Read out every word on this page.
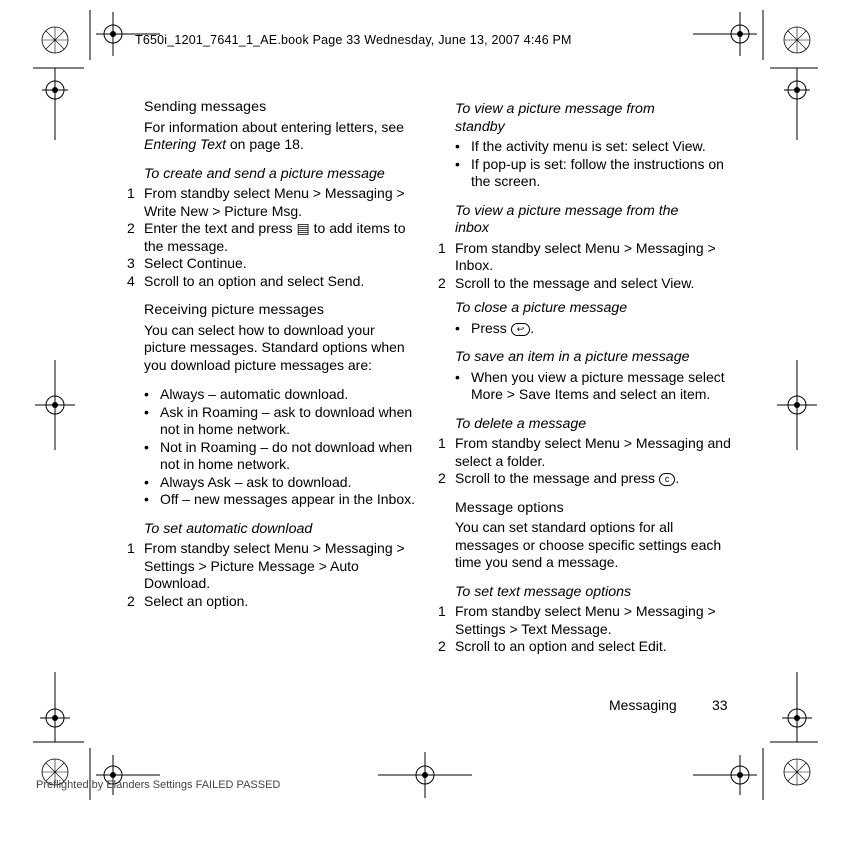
T650i_1201_7641_1_AE.book Page 33 Wednesday, June 13, 2007 4:46 PM
Sending messages
For information about entering letters, see Entering Text on page 18.
To create and send a picture message
1 From standby select Menu > Messaging > Write New > Picture Msg.
2 Enter the text and press ▤ to add items to the message.
3 Select Continue.
4 Scroll to an option and select Send.
Receiving picture messages
You can select how to download your picture messages. Standard options when you download picture messages are:
• Always – automatic download.
• Ask in Roaming – ask to download when not in home network.
• Not in Roaming – do not download when not in home network.
• Always Ask – ask to download.
• Off – new messages appear in the Inbox.
To set automatic download
1 From standby select Menu > Messaging > Settings > Picture Message > Auto Download.
2 Select an option.
To view a picture message from standby
• If the activity menu is set: select View.
• If pop-up is set: follow the instructions on the screen.
To view a picture message from the inbox
1 From standby select Menu > Messaging > Inbox.
2 Scroll to the message and select View.
To close a picture message
• Press ↩ .
To save an item in a picture message
• When you view a picture message select More > Save Items and select an item.
To delete a message
1 From standby select Menu > Messaging and select a folder.
2 Scroll to the message and press c .
Message options
You can set standard options for all messages or choose specific settings each time you send a message.
To set text message options
1 From standby select Menu > Messaging > Settings > Text Message.
2 Scroll to an option and select Edit.
Messaging	33
Preflighted by Elanders Settings FAILED PASSED
